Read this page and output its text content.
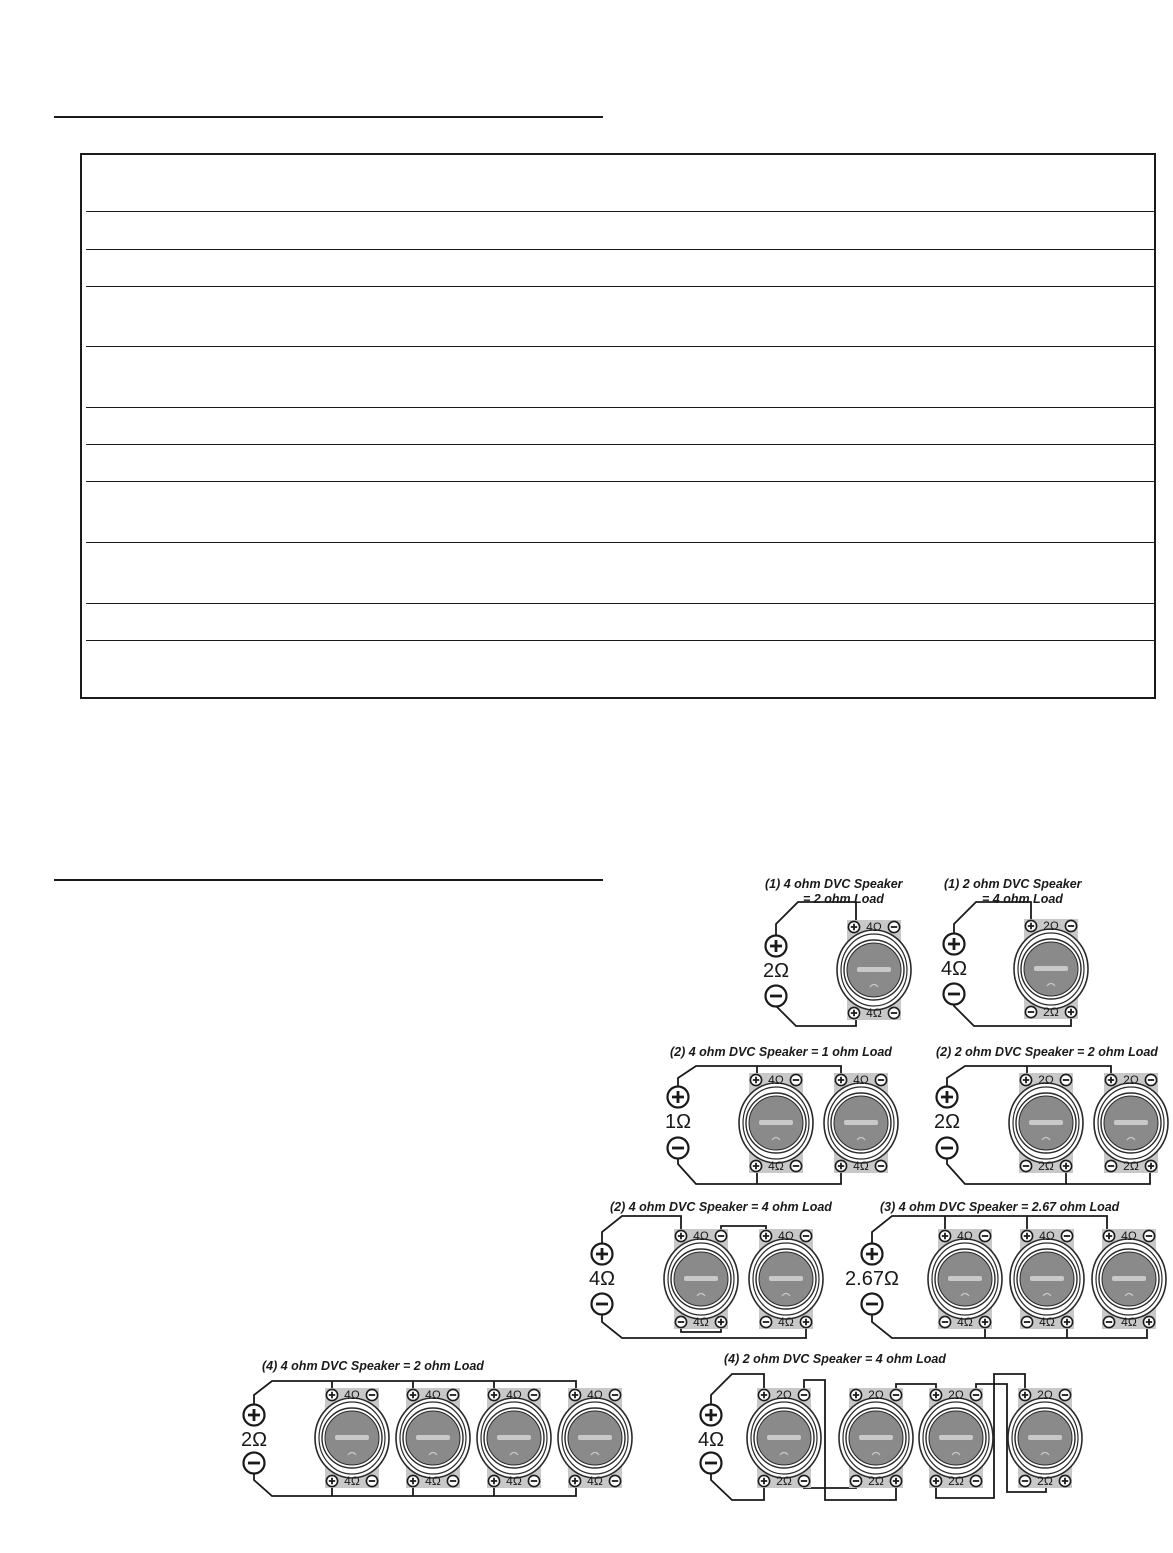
(1) 4 ohm DVC Speaker
= 2 ohm Load
2Ω
4Ω
4Ω
(1) 2 ohm DVC Speaker
= 4 ohm Load
4Ω
2Ω
2Ω
(2) 4 ohm DVC Speaker = 1 ohm Load
1Ω
4Ω
4Ω
4Ω
4Ω
(2) 2 ohm DVC Speaker = 2 ohm Load
2Ω
2Ω
2Ω
2Ω
2Ω
(2) 4 ohm DVC Speaker = 4 ohm Load
4Ω
4Ω
4Ω
4Ω
4Ω
(3) 4 ohm DVC Speaker = 2.67 ohm Load
2.67Ω
4Ω
4Ω
4Ω
4Ω
4Ω
4Ω
(4) 4 ohm DVC Speaker = 2 ohm Load
2Ω
4Ω
4Ω
4Ω
4Ω
4Ω
4Ω
4Ω
4Ω
(4) 2 ohm DVC Speaker = 4 ohm Load
4Ω
2Ω
2Ω
2Ω
2Ω
2Ω
2Ω
2Ω
2Ω
